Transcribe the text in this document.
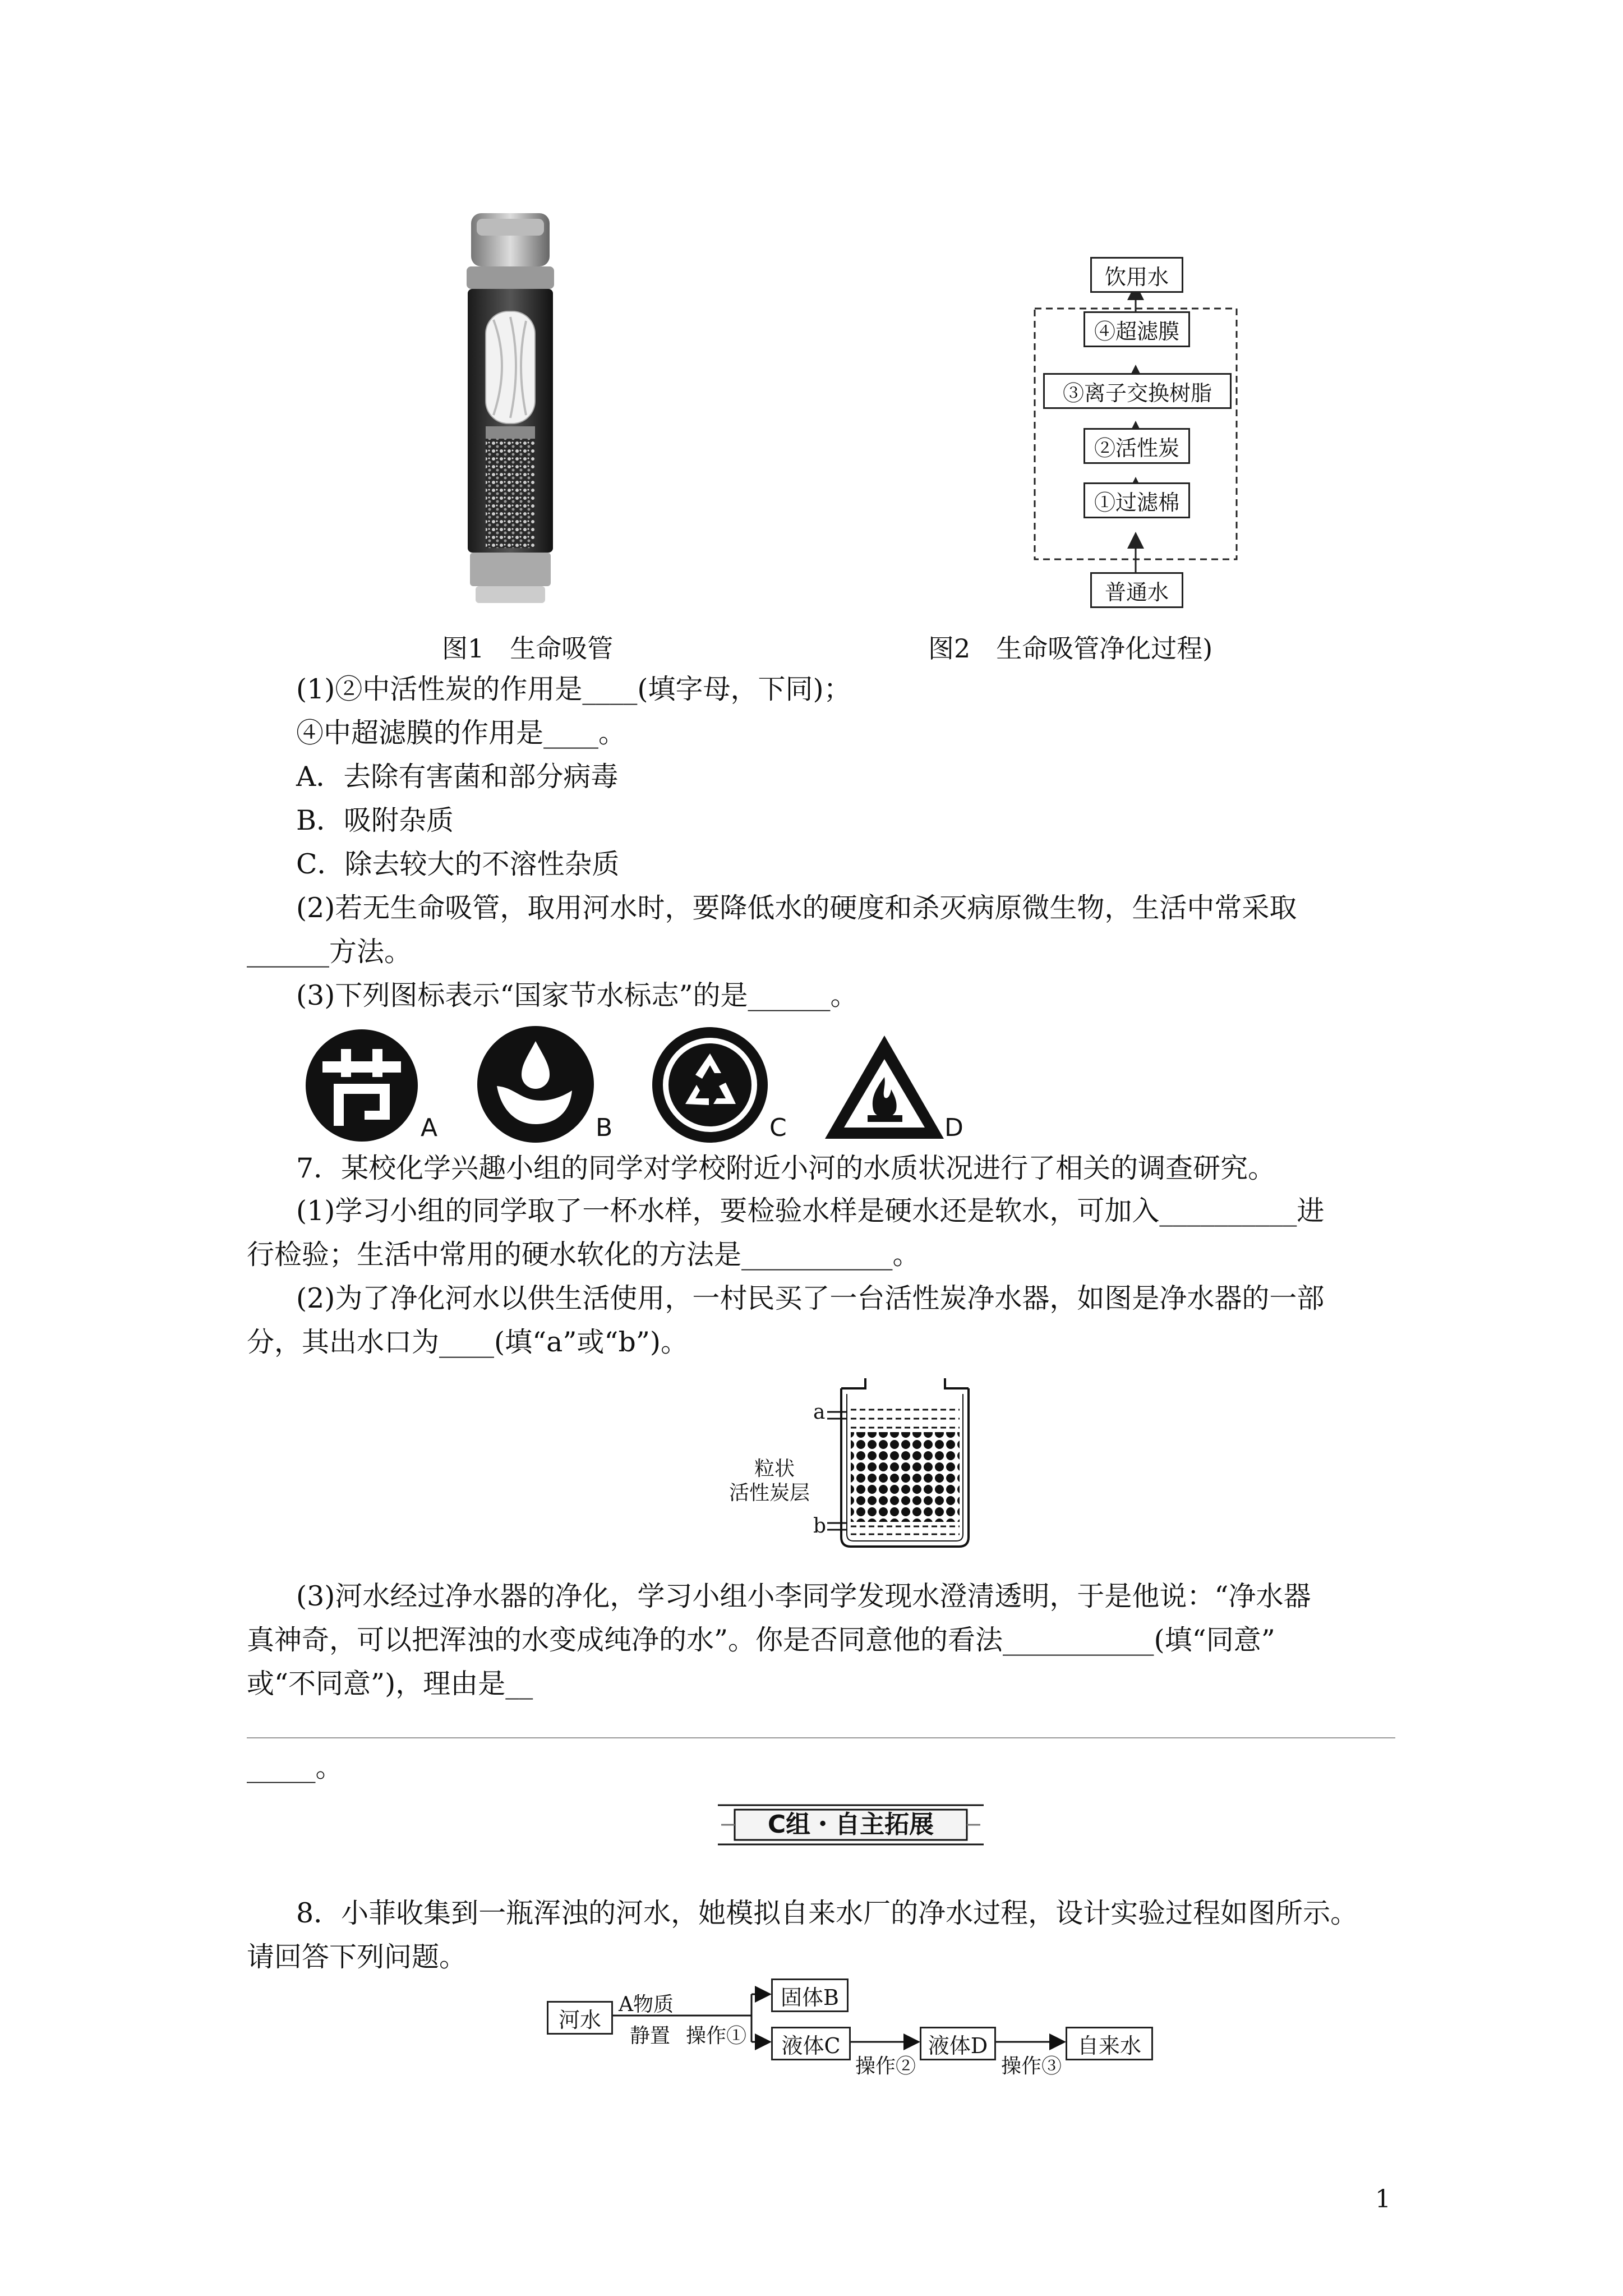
图1　生命吸管
饮用水
④超滤膜
③离子交换树脂
②活性炭
①过滤棉
普通水
图2　生命吸管净化过程)
(1)②中活性炭的作用是____(填字母，下同)；
④中超滤膜的作用是____。
A．去除有害菌和部分病毒
B．吸附杂质
C．除去较大的不溶性杂质
(2)若无生命吸管，取用河水时，要降低水的硬度和杀灭病原微生物，生活中常采取
______方法。
(3)下列图标表示“国家节水标志”的是______。
A	B	C	D
7．某校化学兴趣小组的同学对学校附近小河的水质状况进行了相关的调查研究。
(1)学习小组的同学取了一杯水样，要检验水样是硬水还是软水，可加入__________进
行检验；生活中常用的硬水软化的方法是___________。
(2)为了净化河水以供生活使用，一村民买了一台活性炭净水器，如图是净水器的一部
分，其出水口为____(填“a”或“b”)。
a
b
粒状
活性炭层
(3)河水经过净水器的净化，学习小组小李同学发现水澄清透明，于是他说：“净水器
真神奇，可以把浑浊的水变成纯净的水”。你是否同意他的看法___________(填“同意”
或“不同意”)，理由是__
_____。
C组・自主拓展
8．小菲收集到一瓶浑浊的河水，她模拟自来水厂的净水过程，设计实验过程如图所示。
请回答下列问题。
河水
A物质
静置 操作①
固体B
液体C
操作②
液体D
操作③
自来水
1
